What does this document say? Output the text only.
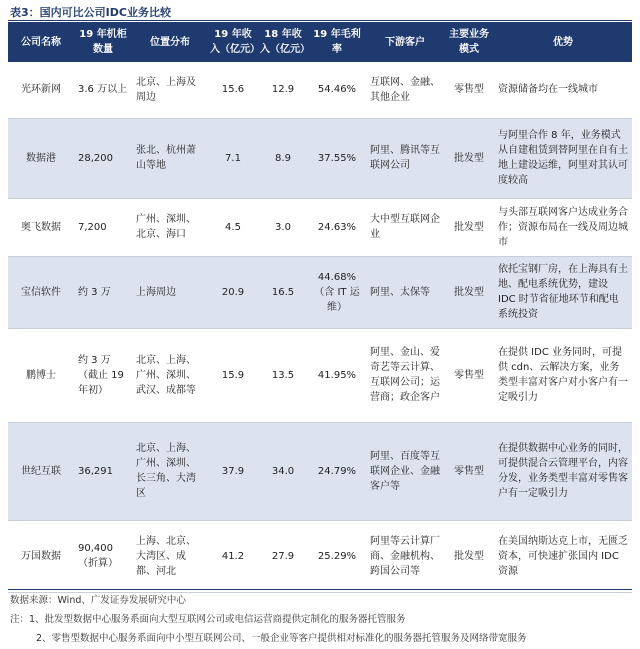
表3：国内可比公司IDC业务比较
公司名称	19 年机柜数量	位置分布	19 年收入（亿元）	18 年收入（亿元）	19 年毛利率	下游客户	主要业务模式	优势
光环新网	3.6 万以上	北京、上海及周边	15.6	12.9	54.46%	互联网、金融、其他企业	零售型	资源储备均在一线城市
数据港	28,200	张北、杭州萧山等地	7.1	8.9	37.55%	阿里、腾讯等互联网公司	批发型	与阿里合作 8 年，业务模式从自建租赁到替阿里在自有土地上建设运维，阿里对其认可度较高
奥飞数据	7,200	广州、深圳、北京、海口	4.5	3.0	24.63%	大中型互联网企业	批发型	与头部互联网客户达成业务合作；资源布局在一线及周边城市
宝信软件	约 3 万	上海周边	20.9	16.5	44.68%（含 IT 运维）	阿里、太保等	批发型	依托宝钢厂房，在上海具有土地、配电系统优势，建设 IDC 时节省征地环节和配电系统投资
鹏博士	约 3 万（截止 19 年初）	北京、上海、广州、深圳、武汉、成都等	15.9	13.5	41.95%	阿里、金山、爱奇艺等云计算、互联网公司；运营商；政企客户	零售型	在提供 IDC 业务同时，可提供 cdn、云解决方案，业务类型丰富对客户对小客户有一定吸引力
世纪互联	36,291	北京、上海、广州、深圳、长三角、大湾区	37.9	34.0	24.79%	阿里、百度等互联网企业、金融客户等	零售型	在提供数据中心业务的同时，可提供混合云管理平台，内容分发，业务类型丰富对零售客户有一定吸引力
万国数据	90,400（折算）	上海、北京、大湾区、成都、河北	41.2	27.9	25.29%	阿里等云计算厂商、金融机构、跨国公司等	批发型	在美国纳斯达克上市，无匮乏资本，可快速扩张国内 IDC 资源
数据来源：Wind、广发证券发展研究中心
注：1、批发型数据中心服务系面向大型互联网公司或电信运营商提供定制化的服务器托管服务
2、零售型数据中心服务系面向中小型互联网公司、一般企业等客户提供相对标准化的服务器托管服务及网络带宽服务
